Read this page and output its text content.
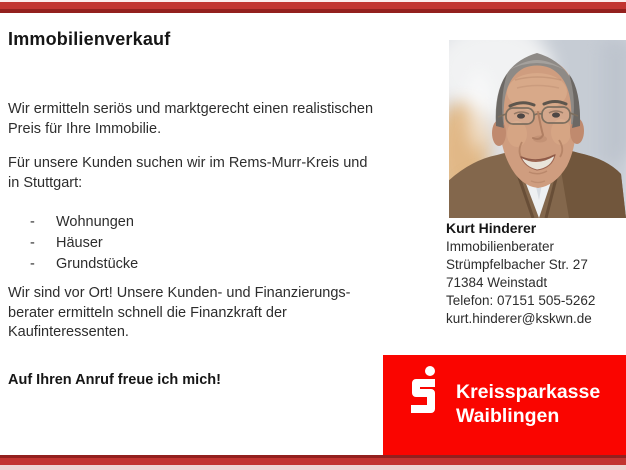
Immobilienverkauf
Wir ermitteln seriös und marktgerecht einen realistischen
Preis für Ihre Immobilie.
Für unsere Kunden suchen wir im Rems-Murr-Kreis und
in Stuttgart:
- Wohnungen
- Häuser
- Grundstücke
Wir sind vor Ort! Unsere Kunden- und Finanzierungs-
berater ermitteln schnell die Finanzkraft der
Kaufinteressenten.
Auf Ihren Anruf freue ich mich!
Kurt Hinderer
Immobilienberater
Strümpfelbacher Str. 27
71384 Weinstadt
Telefon: 07151 505-5262
kurt.hinderer@kskwn.de
Kreissparkasse
Waiblingen
